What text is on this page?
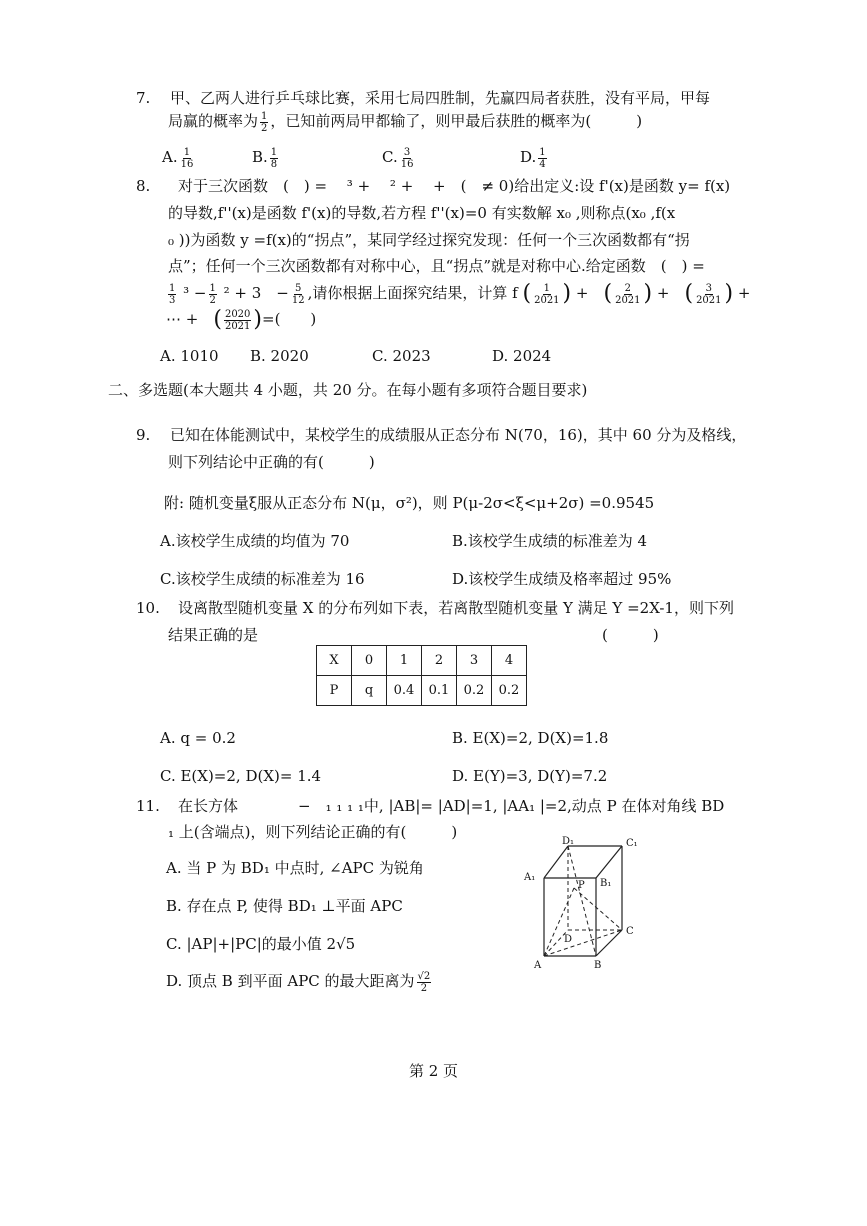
7. 甲、乙两人进行乒乓球比赛，采用七局四胜制，先赢四局者获胜，没有平局，甲每
局赢的概率为 $\frac{1}{2}$ ，已知前两局甲都输了，则甲最后获胜的概率为(　　　)
A. $\frac{1}{16}$	B. $\frac{1}{8}$	C. $\frac{3}{16}$	D. $\frac{1}{4}$
8. 对于三次函数　(　) =　 ³ +　 ² +　 +　(　≠ 0)给出定义:设 f'(x)是函数 y= f(x)
的导数,f''(x)是函数 f'(x)的导数,若方程 f''(x)=0 有实数解 x₀ ,则称点(x₀ ,f(x
₀ ))为函数 y =f(x)的“拐点”，某同学经过探究发现：任何一个三次函数都有“拐
点”；任何一个三次函数都有对称中心，且“拐点”就是对称中心.给定函数　(　) =
$\frac{1}{3} ^3 - \frac{1}{2} ^2 + 3$　− $\frac{5}{12}$ ,请你根据上面探究结果，计算 f ( $\frac{1}{2021}$ ) +　( $\frac{2}{2021}$ ) +　( $\frac{3}{2021}$ ) +
⋯ +　 ( $\frac{2020}{2021}$ )=(　　)
A. 1010 B. 2020	C. 2023	D. 2024
二、多选题(本大题共 4 小题，共 20 分。在每小题有多项符合题目要求)
9. 已知在体能测试中，某校学生的成绩服从正态分布 N(70，16)，其中 60 分为及格线，
则下列结论中正确的有(　　　)
附: 随机变量ξ服从正态分布 N(μ，σ²)，则 P(μ-2σ<ξ<μ+2σ) =0.9545
A.该校学生成绩的均值为 70	B.该校学生成绩的标准差为 4
C.该校学生成绩的标准差为 16	D.该校学生成绩及格率超过 95%
10. 设离散型随机变量 X 的分布列如下表，若离散型随机变量 Y 满足 Y =2X-1，则下列
结果正确的是	(　　　)
X	0	1	2	3	4
P	q	0.4	0.1	0.2	0.2
A. q = 0.2	B. E(X)=2, D(X)=1.8
C. E(X)=2, D(X)= 1.4	D. E(Y)=3, D(Y)=7.2
11. 在长方体　　　　−　₁ ₁ ₁ ₁中, |AB|= |AD|=1, |AA₁ |=2,动点 P 在体对角线 BD
₁ 上(含端点)，则下列结论正确的有(　　　)
A. 当 P 为 BD₁ 中点时, ∠APC 为锐角
B. 存在点 P, 使得 BD₁ ⊥平面 APC
C. |AP|+|PC|的最小值 2√5
D. 顶点 B 到平面 APC 的最大距离为 $\frac{√2}{2}$
D₁	C₁
A₁
B₁
P
D
C
A	B
第 2 页
